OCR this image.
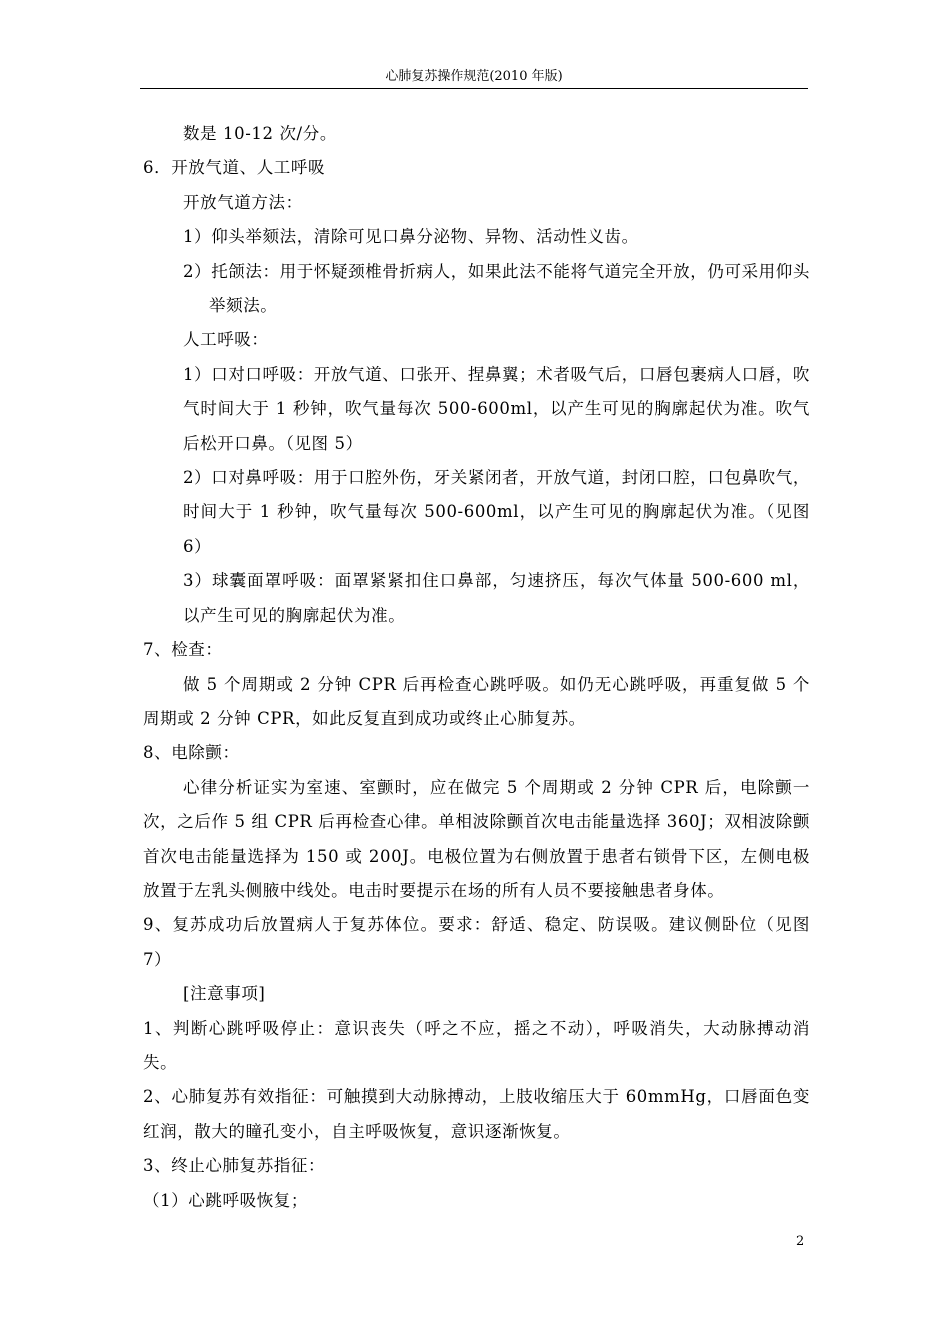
心肺复苏操作规范(2010 年版)

数是 10-12 次/分。

6．开放气道、人工呼吸

开放气道方法：

1）仰头举颏法，清除可见口鼻分泌物、异物、活动性义齿。

2）托颌法：用于怀疑颈椎骨折病人，如果此法不能将气道完全开放，仍可采用仰头举颏法。

人工呼吸：

1）口对口呼吸：开放气道、口张开、捏鼻翼；术者吸气后，口唇包裹病人口唇，吹气时间大于 1 秒钟，吹气量每次 500-600ml，以产生可见的胸廓起伏为准。吹气后松开口鼻。（见图 5）

2）口对鼻呼吸：用于口腔外伤，牙关紧闭者，开放气道，封闭口腔，口包鼻吹气，时间大于 1 秒钟，吹气量每次 500-600ml，以产生可见的胸廓起伏为准。（见图 6）

3）球囊面罩呼吸：面罩紧紧扣住口鼻部，匀速挤压，每次气体量 500-600 ml，以产生可见的胸廓起伏为准。

7、检查：

做 5 个周期或 2 分钟 CPR 后再检查心跳呼吸。如仍无心跳呼吸，再重复做 5 个周期或 2 分钟 CPR，如此反复直到成功或终止心肺复苏。

8、电除颤：

心律分析证实为室速、室颤时，应在做完 5 个周期或 2 分钟 CPR 后，电除颤一次，之后作 5 组 CPR 后再检查心律。单相波除颤首次电击能量选择 360J；双相波除颤首次电击能量选择为 150 或 200J。电极位置为右侧放置于患者右锁骨下区，左侧电极放置于左乳头侧腋中线处。电击时要提示在场的所有人员不要接触患者身体。

9、复苏成功后放置病人于复苏体位。要求：舒适、稳定、防误吸。建议侧卧位（见图 7）

[注意事项]

1、判断心跳呼吸停止：意识丧失（呼之不应，摇之不动），呼吸消失，大动脉搏动消失。

2、心肺复苏有效指征：可触摸到大动脉搏动，上肢收缩压大于 60mmHg，口唇面色变红润，散大的瞳孔变小，自主呼吸恢复，意识逐渐恢复。

3、终止心肺复苏指征：

（1）心跳呼吸恢复；

2
